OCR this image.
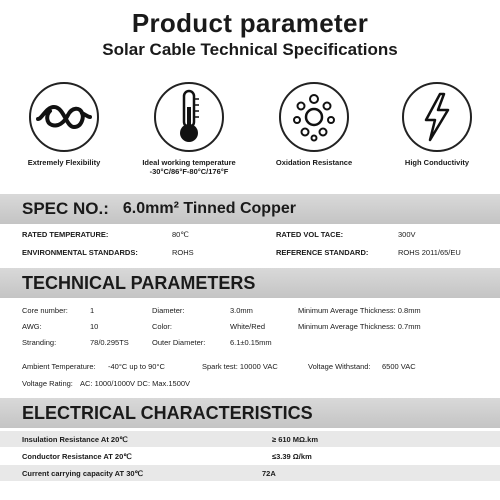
Product parameter
Solar Cable Technical Specifications
Extremely Flexibility	Ideal working temperature
-30°C/86°F-80°C/176°F
Oxidation Resistance	High Conductivity
SPEC NO.: 6.0mm² Tinned Copper
RATED TEMPERATURE:	80℃	RATED VOL TACE:	300V
ENVIRONMENTAL STANDARDS:	ROHS	REFERENCE STANDARD:	ROHS 2011/65/EU
TECHNICAL PARAMETERS
Core number:	1	Diameter:	3.0mm	Minimum Average Thickness: 0.8mm
AWG:	10	Color:	White/Red	Minimum Average Thickness: 0.7mm
Stranding:	78/0.295TS	Outer Diameter:	6.1±0.15mm
Ambient Temperature: -40°C up to 90°C	Spark test: 10000 VAC	Voltage Withstand: 6500 VAC
Voltage Rating: AC: 1000/1000V DC: Max.1500V
ELECTRICAL CHARACTERISTICS
Insulation Resistance At 20℃	≥ 610 MΩ.km
Conductor Resistance AT 20℃	≤3.39 Ω/km
Current carrying capacity AT 30℃	72A
